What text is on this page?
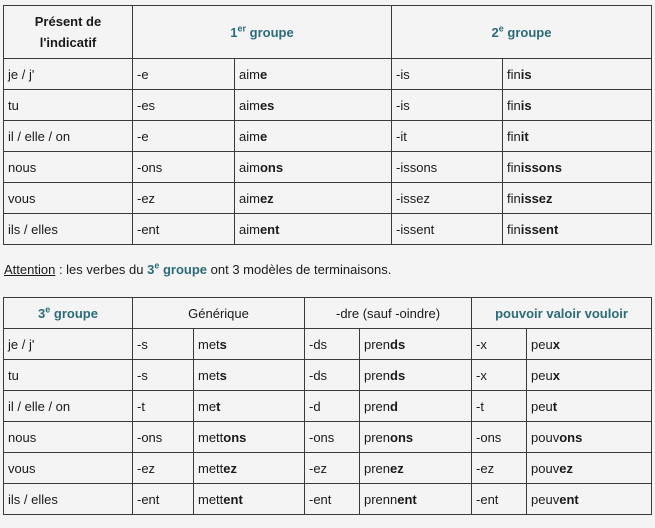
Présent de
l'indicatif	1er groupe		2e groupe	
je / j'	-e	aime	-is	finis
tu	-es	aimes	-is	finis
il / elle / on	-e	aime	-it	finit
nous	-ons	aimons	-issons	finissons
vous	-ez	aimez	-issez	finissez
ils / elles	-ent	aiment	-issent	finissent
Attention : les verbes du 3e groupe ont 3 modèles de terminaisons.
3e groupe	Générique		-dre (sauf -oindre)		pouvoir valoir vouloir	
je / j'	-s	mets	-ds	prends	-x	peux
tu	-s	mets	-ds	prends	-x	peux
il / elle / on	-t	met	-d	prend	-t	peut
nous	-ons	mettons	-ons	prenons	-ons	pouvons
vous	-ez	mettez	-ez	prenez	-ez	pouvez
ils / elles	-ent	mettent	-ent	prennent	-ent	peuvent
